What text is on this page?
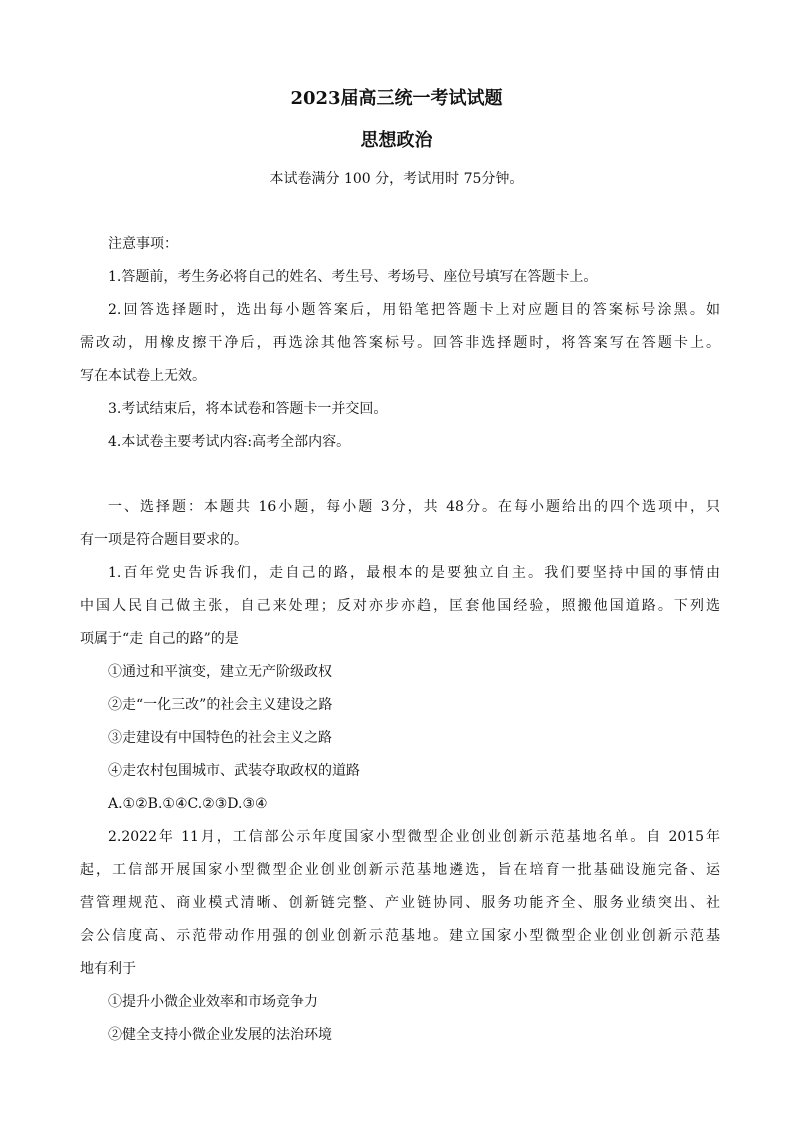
2023届高三统一考试试题
思想政治
本试卷满分 100 分，考试用时 75分钟。
注意事项：
1.答题前，考生务必将自己的姓名、考生号、考场号、座位号填写在答题卡上。
2.回答选择题时，选出每小题答案后，用铅笔把答题卡上对应题目的答案标号涂黑。如
需改动，用橡皮擦干净后，再选涂其他答案标号。回答非选择题时，将答案写在答题卡上。
写在本试卷上无效。
3.考试结束后，将本试卷和答题卡一并交回。
4.本试卷主要考试内容:高考全部内容。
一、选择题：本题共 16小题，每小题 3分，共 48分。在每小题给出的四个选项中，只
有一项是符合题目要求的。
1.百年党史告诉我们，走自己的路，最根本的是要独立自主。我们要坚持中国的事情由
中国人民自己做主张，自己来处理；反对亦步亦趋，匡套他国经验，照搬他国道路。下列选
项属于“走 自己的路”的是
①通过和平演变，建立无产阶级政权
②走“一化三改”的社会主义建设之路
③走建设有中国特色的社会主义之路
④走农村包围城市、武装夺取政权的道路
A.①②B.①④C.②③D.③④
2.2022年 11月，工信部公示年度国家小型微型企业创业创新示范基地名单。自 2015年
起，工信部开展国家小型微型企业创业创新示范基地遴选，旨在培育一批基础设施完备、运
营管理规范、商业模式清晰、创新链完整、产业链协同、服务功能齐全、服务业绩突出、社
会公信度高、示范带动作用强的创业创新示范基地。建立国家小型微型企业创业创新示范基
地有利于
①提升小微企业效率和市场竞争力
②健全支持小微企业发展的法治环境
